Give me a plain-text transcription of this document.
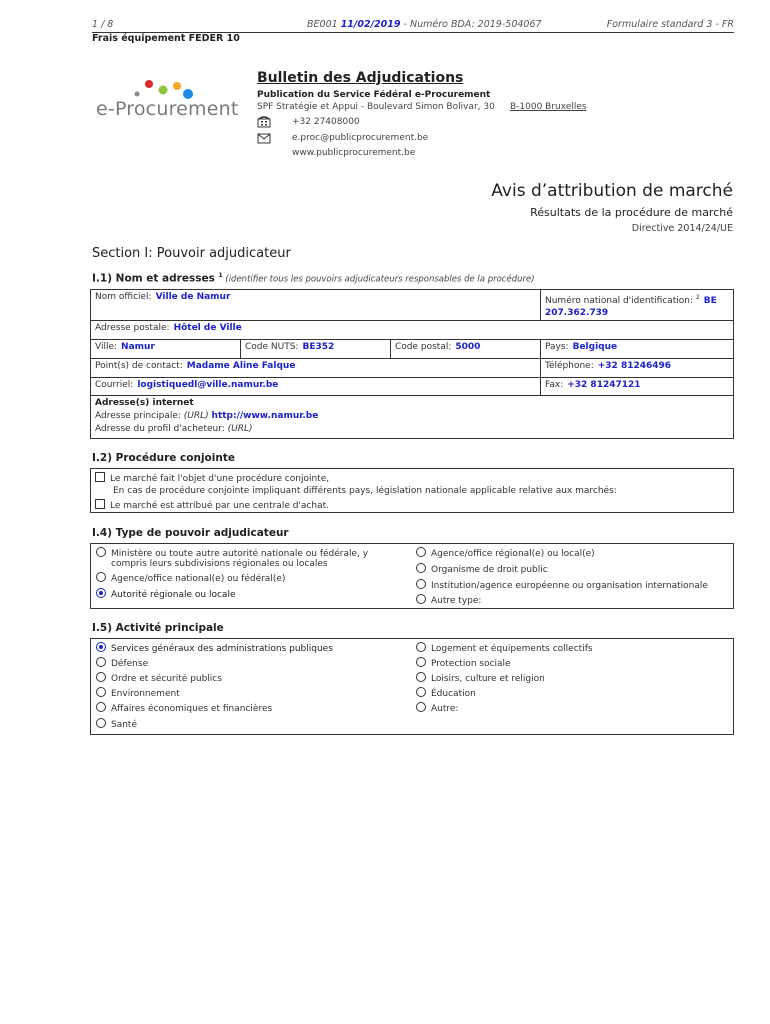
1 / 8	BE001 11/02/2019 - Numéro BDA: 2019-504067	Formulaire standard 3 - FR
Frais équipement FEDER 10
e-Procurement
Bulletin des Adjudications
Publication du Service Fédéral e-Procurement
SPF Stratégie et Appui - Boulevard Simon Bolivar, 30 B-1000 Bruxelles
+32 27408000
e.proc@publicprocurement.be
www.publicprocurement.be
Avis d’attribution de marché
Résultats de la procédure de marché
Directive 2014/24/UE
Section I: Pouvoir adjudicateur
I.1) Nom et adresses $^1$ (identifier tous les pouvoirs adjudicateurs responsables de la procédure)
Nom officiel: Ville de Namur	Numéro national d'identification: $^2$ BE
207.362.739
Adresse postale: Hôtel de Ville
Ville: Namur	Code NUTS: BE352	Code postal: 5000	Pays: Belgique
Point(s) de contact: Madame Aline Falque	Téléphone: +32 81246496
Courriel: logistiquedl@ville.namur.be	Fax: +32 81247121
Adresse(s) internet
Adresse principale: (URL) http://www.namur.be
Adresse du profil d'acheteur: (URL)
I.2) Procédure conjointe
Le marché fait l'objet d'une procédure conjointe,
En cas de procédure conjointe impliquant différents pays, législation nationale applicable relative aux marchés:
Le marché est attribué par une centrale d'achat.
I.4) Type de pouvoir adjudicateur
Ministère ou toute autre autorité nationale ou fédérale, y
compris leurs subdivisions régionales ou locales
Agence/office national(e) ou fédéral(e)
Autorité régionale ou locale
Agence/office régional(e) ou local(e)
Organisme de droit public
Institution/agence européenne ou organisation internationale
Autre type:
I.5) Activité principale
Services généraux des administrations publiques
Défense
Ordre et sécurité publics
Environnement
Affaires économiques et financières
Santé
Logement et équipements collectifs
Protection sociale
Loisirs, culture et religion
Éducation
Autre:
